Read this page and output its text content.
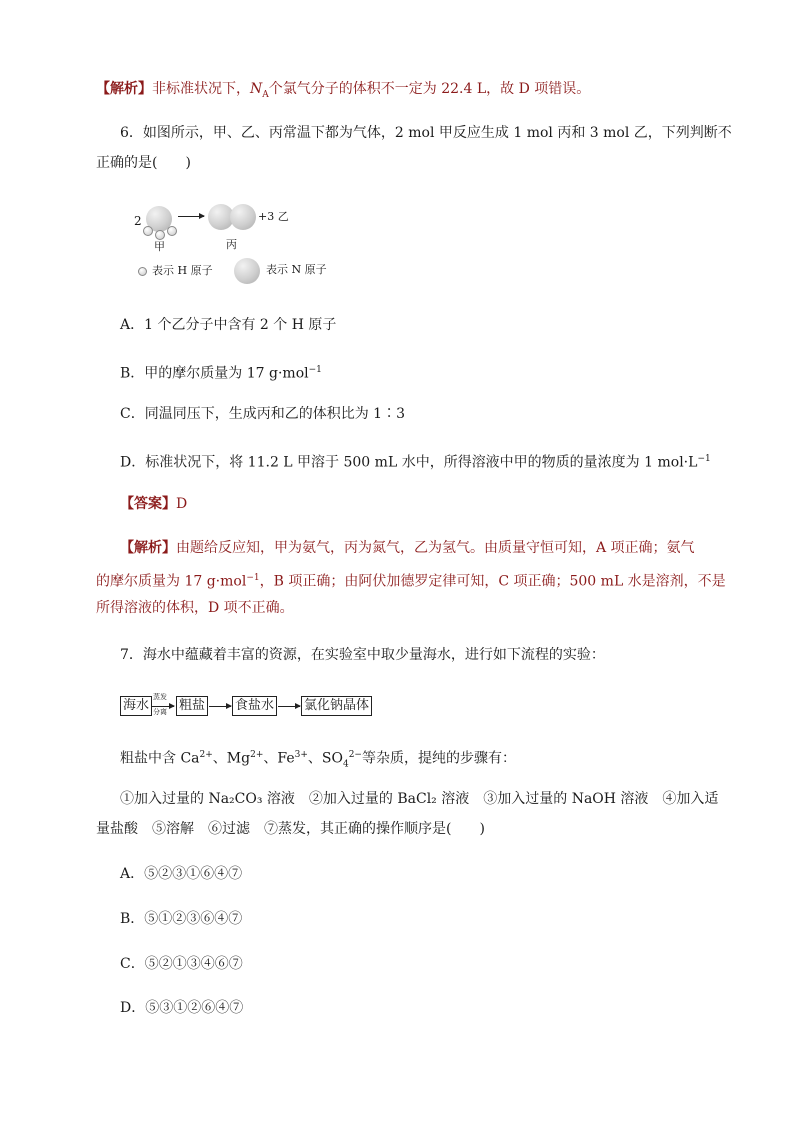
【解析】非标准状况下，$N_A$个氯气分子的体积不一定为 22.4 L，故 D 项错误。
6．如图所示，甲、乙、丙常温下都为气体，2 mol 甲反应生成 1 mol 丙和 3 mol 乙，下列判断不
正确的是(　　)
2
甲	丙
+3 乙
表示 H 原子	表示 N 原子
A．1 个乙分子中含有 2 个 H 原子
B．甲的摩尔质量为 17 g·mol$^{-1}$
C．同温同压下，生成丙和乙的体积比为 1∶3
D．标准状况下，将 11.2 L 甲溶于 500 mL 水中，所得溶液中甲的物质的量浓度为 1 $mol\cdot L^{-1}$
【答案】D
【解析】由题给反应知，甲为氨气，丙为氮气，乙为氢气。由质量守恒可知，A 项正确；氨气
的摩尔质量为 17 g·mol$^{-1}$，B 项正确；由阿伏加德罗定律可知，C 项正确；500 mL 水是溶剂，不是
所得溶液的体积，D 项不正确。
7．海水中蕴藏着丰富的资源，在实验室中取少量海水，进行如下流程的实验：
海水
蒸发
分离 粗盐 食盐水 氯化钠晶体
粗盐中含 $Ca^{2+}$、$Mg^{2+}$、$Fe^{3+}$、$SO_4^{2-}$等杂质，提纯的步骤有：
①加入过量的 Na₂CO₃ 溶液　②加入过量的 BaCl₂ 溶液　③加入过量的 NaOH 溶液　④加入适
量盐酸　⑤溶解　⑥过滤　⑦蒸发，其正确的操作顺序是(　　)
A．⑤②③①⑥④⑦
B．⑤①②③⑥④⑦
C．⑤②①③④⑥⑦
D．⑤③①②⑥④⑦
